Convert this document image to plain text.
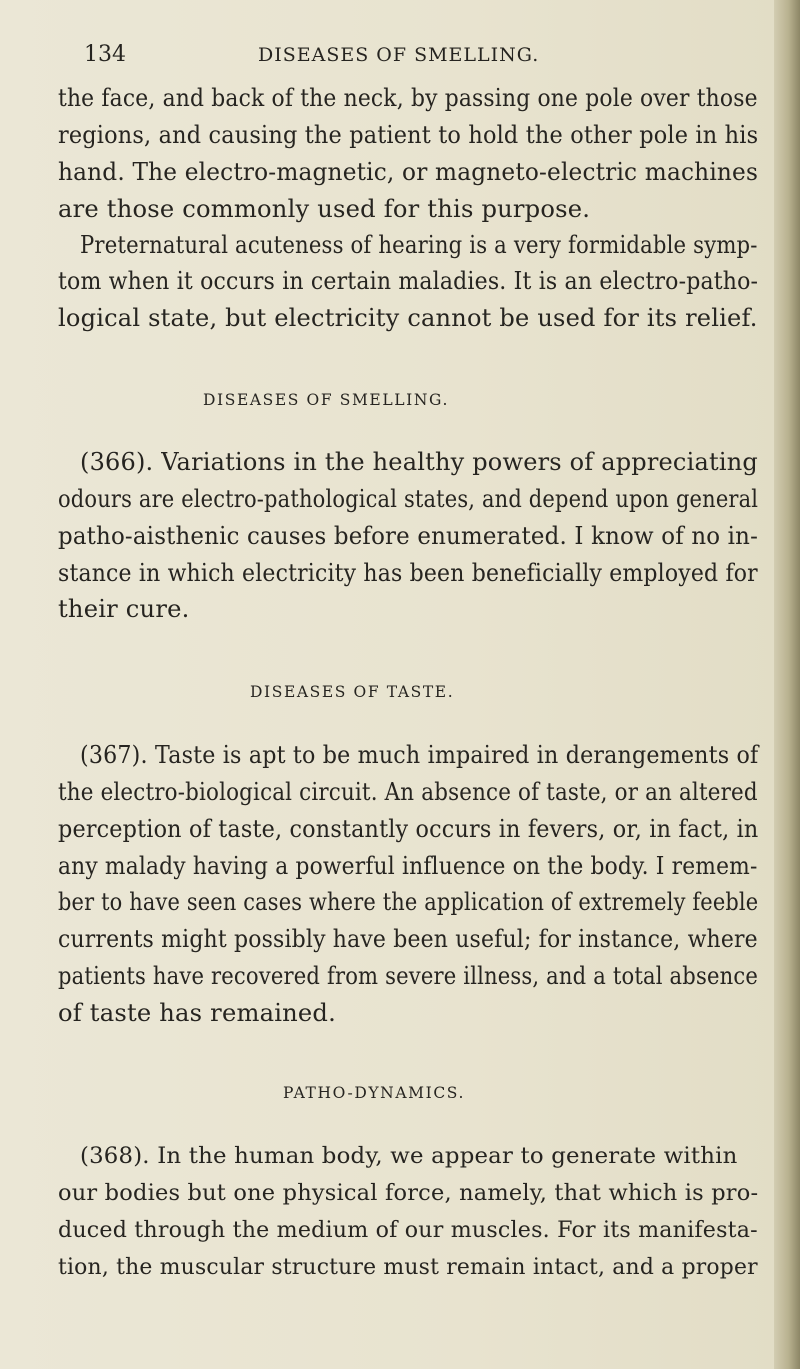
134	DISEASES OF SMELLING.
the face, and back of the neck, by passing one pole over those
regions, and causing the patient to hold the other pole in his
hand. The electro-magnetic, or magneto-electric machines
are those commonly used for this purpose.
Preternatural acuteness of hearing is a very formidable symp-
tom when it occurs in certain maladies. It is an electro-patho-
logical state, but electricity cannot be used for its relief.
DISEASES OF SMELLING.
(366). Variations in the healthy powers of appreciating
odours are electro-pathological states, and depend upon general
patho-aisthenic causes before enumerated. I know of no in-
stance in which electricity has been beneficially employed for
their cure.
DISEASES OF TASTE.
(367). Taste is apt to be much impaired in derangements of
the electro-biological circuit. An absence of taste, or an altered
perception of taste, constantly occurs in fevers, or, in fact, in
any malady having a powerful influence on the body. I remem-
ber to have seen cases where the application of extremely feeble
currents might possibly have been useful; for instance, where
patients have recovered from severe illness, and a total absence
of taste has remained.
PATHO-DYNAMICS.
(368). In the human body, we appear to generate within
our bodies but one physical force, namely, that which is pro-
duced through the medium of our muscles. For its manifesta-
tion, the muscular structure must remain intact, and a proper
